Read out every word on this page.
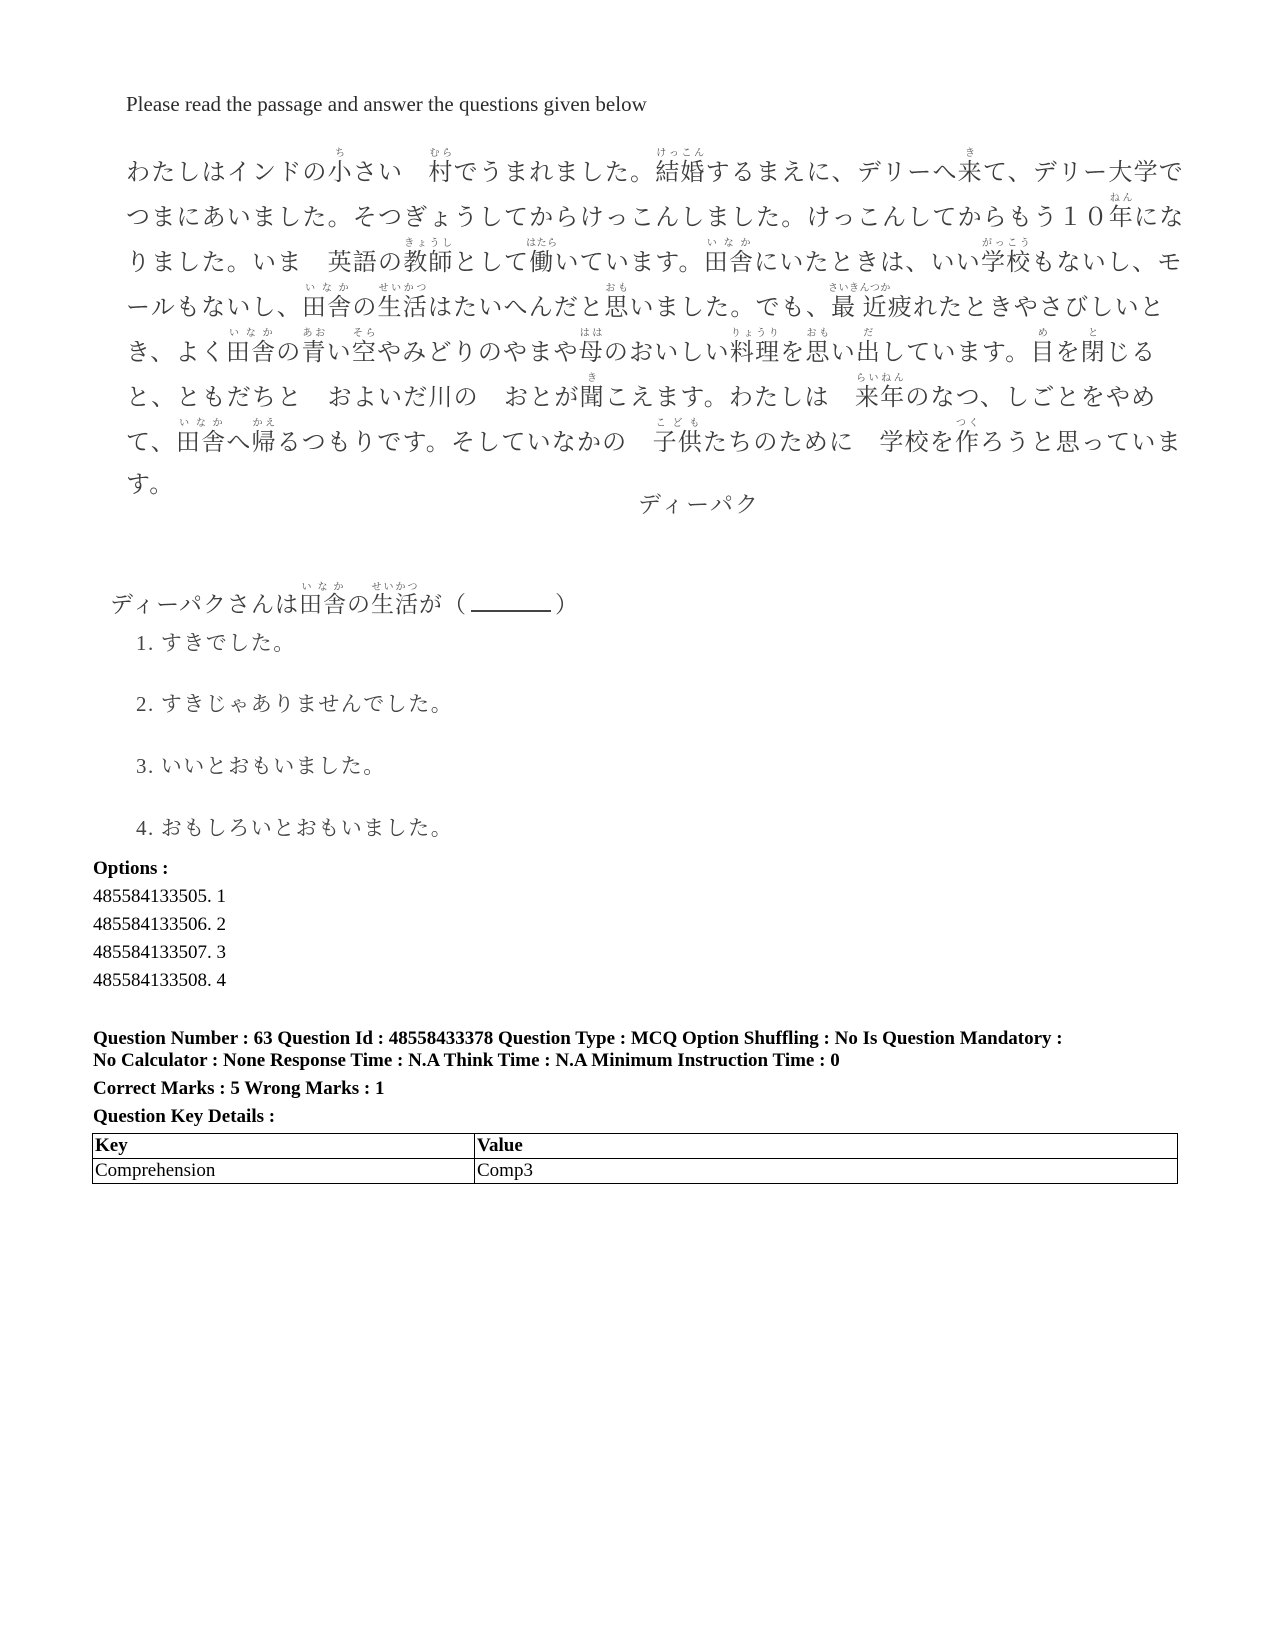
Please read the passage and answer the questions given below
わたしはインドの小ちさい　村むらでうまれました。結婚けっこんするまえに、デリーへ来きて、デリー大学で
つまにあいました。そつぎょうしてからけっこんしました。けっこんしてからもう１０年ねんにな
りました。いま　英語の教師きょうしとして働はたらいています。田舎いなかにいたときは、いい学校がっこうもないし、モ
ールもないし、田舎いなかの生活せいかつはたいへんだと思おもいました。でも、最近さいきんつか疲れたときやさびしいと
き、よく田舎いなかの青あおい空そらやみどりのやまや母ははのおいしい料理りょうりを思おもい出だしています。目めを閉とじる
と、ともだちと　およいだ川の　おとが聞きこえます。わたしは　来年らいねんのなつ、しごとをやめ
て、田舎いなかへ帰かえるつもりです。そしていなかの　子供こどもたちのために　学校を作つくろうと思っていま
す。
ディーパク
ディーパクさんは田舎いなかの生活せいかつが（	）
1. すきでした。
2. すきじゃありませんでした。
3. いいとおもいました。
4. おもしろいとおもいました。
Options :
485584133505. 1
485584133506. 2
485584133507. 3
485584133508. 4
Question Number : 63 Question Id : 48558433378 Question Type : MCQ Option Shuffling : No Is Question Mandatory :
No Calculator : None Response Time : N.A Think Time : N.A Minimum Instruction Time : 0
Correct Marks : 5 Wrong Marks : 1
Question Key Details :
Key	Value
Comprehension	Comp3
